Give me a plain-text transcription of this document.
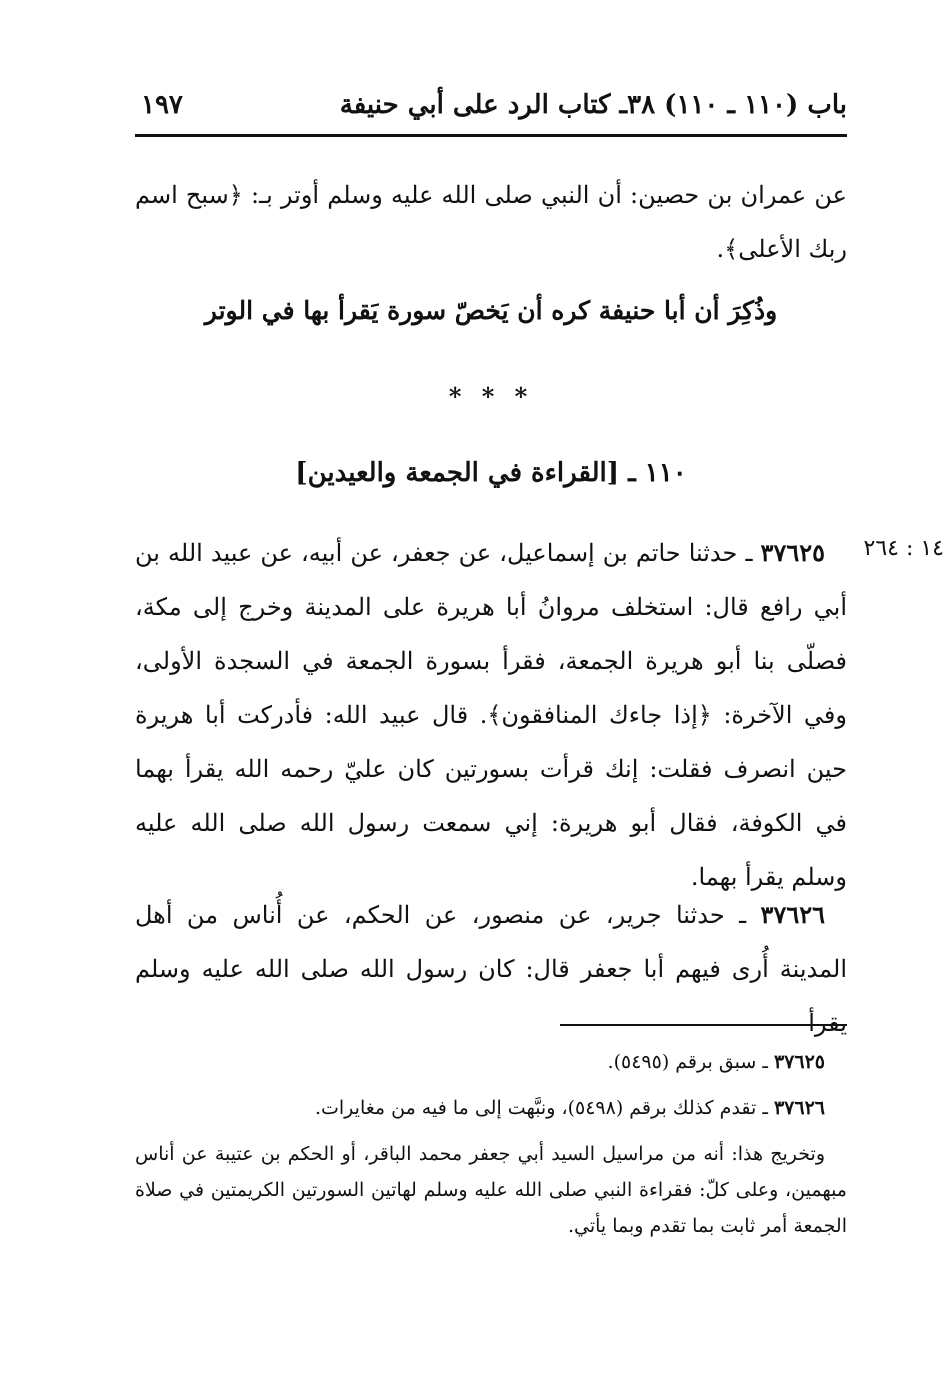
باب (١١٠ ـ ١١٠) ٣٨ـ كتاب الرد على أبي حنيفة
١٩٧

عن عمران بن حصين: أن النبي صلى الله عليه وسلم أوتر بـ: ﴿سبح اسم ربك الأعلى﴾.

وذُكِرَ أن أبا حنيفة كره أن يَخصّ سورة يَقرأ بها في الوتر
* * *
١١٠ ـ [القراءة في الجمعة والعيدين]
١٤ : ٢٦٤

٣٧٦٢٥ ـ حدثنا حاتم بن إسماعيل، عن جعفر، عن أبيه، عن عبيد الله بن أبي رافع قال: استخلف مروانُ أبا هريرة على المدينة وخرج إلى مكة، فصلّى بنا أبو هريرة الجمعة، فقرأ بسورة الجمعة في السجدة الأولى، وفي الآخرة: ﴿إذا جاءك المنافقون﴾. قال عبيد الله: فأدركت أبا هريرة حين انصرف فقلت: إنك قرأت بسورتين كان عليّ رحمه الله يقرأ بهما في الكوفة، فقال أبو هريرة: إني سمعت رسول الله صلى الله عليه وسلم يقرأ بهما.

٣٧٦٢٦ ـ حدثنا جرير، عن منصور، عن الحكم، عن أُناس من أهل المدينة أُرى فيهم أبا جعفر قال: كان رسول الله صلى الله عليه وسلم يقرأ

٣٧٦٢٥ ـ سبق برقم (٥٤٩٥).

٣٧٦٢٦ ـ تقدم كذلك برقم (٥٤٩٨)، ونبَّهت إلى ما فيه من مغايرات.

وتخريج هذا: أنه من مراسيل السيد أبي جعفر محمد الباقر، أو الحكم بن عتيبة عن أناس مبهمين، وعلى كلّ: فقراءة النبي صلى الله عليه وسلم لهاتين السورتين الكريمتين في صلاة الجمعة أمر ثابت بما تقدم وبما يأتي.
